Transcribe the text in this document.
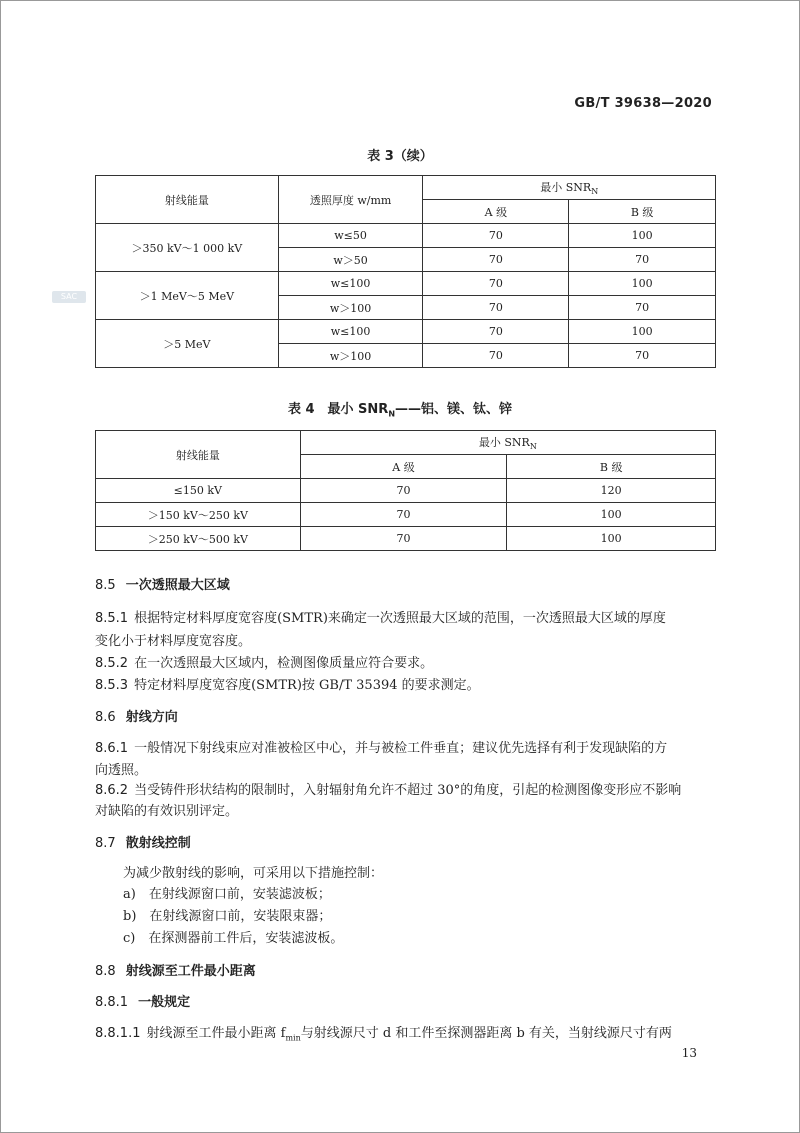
GB/T 39638—2020
SAC
表 3（续）
射线能量	透照厚度 w/mm	最小 $SNR_N$
		A 级	B 级
＞350 kV～1 000 kV	w≤50	70	100
	w＞50	70	70
＞1 MeV～5 MeV	w≤100	70	100
	w＞100	70	70
＞5 MeV	w≤100	70	100
	w＞100	70	70
表 4　最小 $SNR_N——$铝、镁、钛、锌
射线能量	最小 $SNR_N$
	A 级	B 级
≤150 kV	70	120
＞150 kV～250 kV	70	100
＞250 kV～500 kV	70	100
8.5 一次透照最大区域
8.5.1 根据特定材料厚度宽容度(SMTR)来确定一次透照最大区域的范围，一次透照最大区域的厚度
变化小于材料厚度宽容度。
8.5.2 在一次透照最大区域内，检测图像质量应符合要求。
8.5.3 特定材料厚度宽容度(SMTR)按 GB/T 35394 的要求测定。
8.6 射线方向
8.6.1 一般情况下射线束应对准被检区中心，并与被检工件垂直；建议优先选择有利于发现缺陷的方
向透照。
8.6.2 当受铸件形状结构的限制时，入射辐射角允许不超过 30°的角度，引起的检测图像变形应不影响
对缺陷的有效识别评定。
8.7 散射线控制
为减少散射线的影响，可采用以下措施控制：
a)　在射线源窗口前，安装滤波板；
b)　在射线源窗口前，安装限束器；
c)　在探测器前工件后，安装滤波板。
8.8 射线源至工件最小距离
8.8.1 一般规定
8.8.1.1 射线源至工件最小距离 $f_{min}$与射线源尺寸 d 和工件至探测器距离 b 有关，当射线源尺寸有两
13
